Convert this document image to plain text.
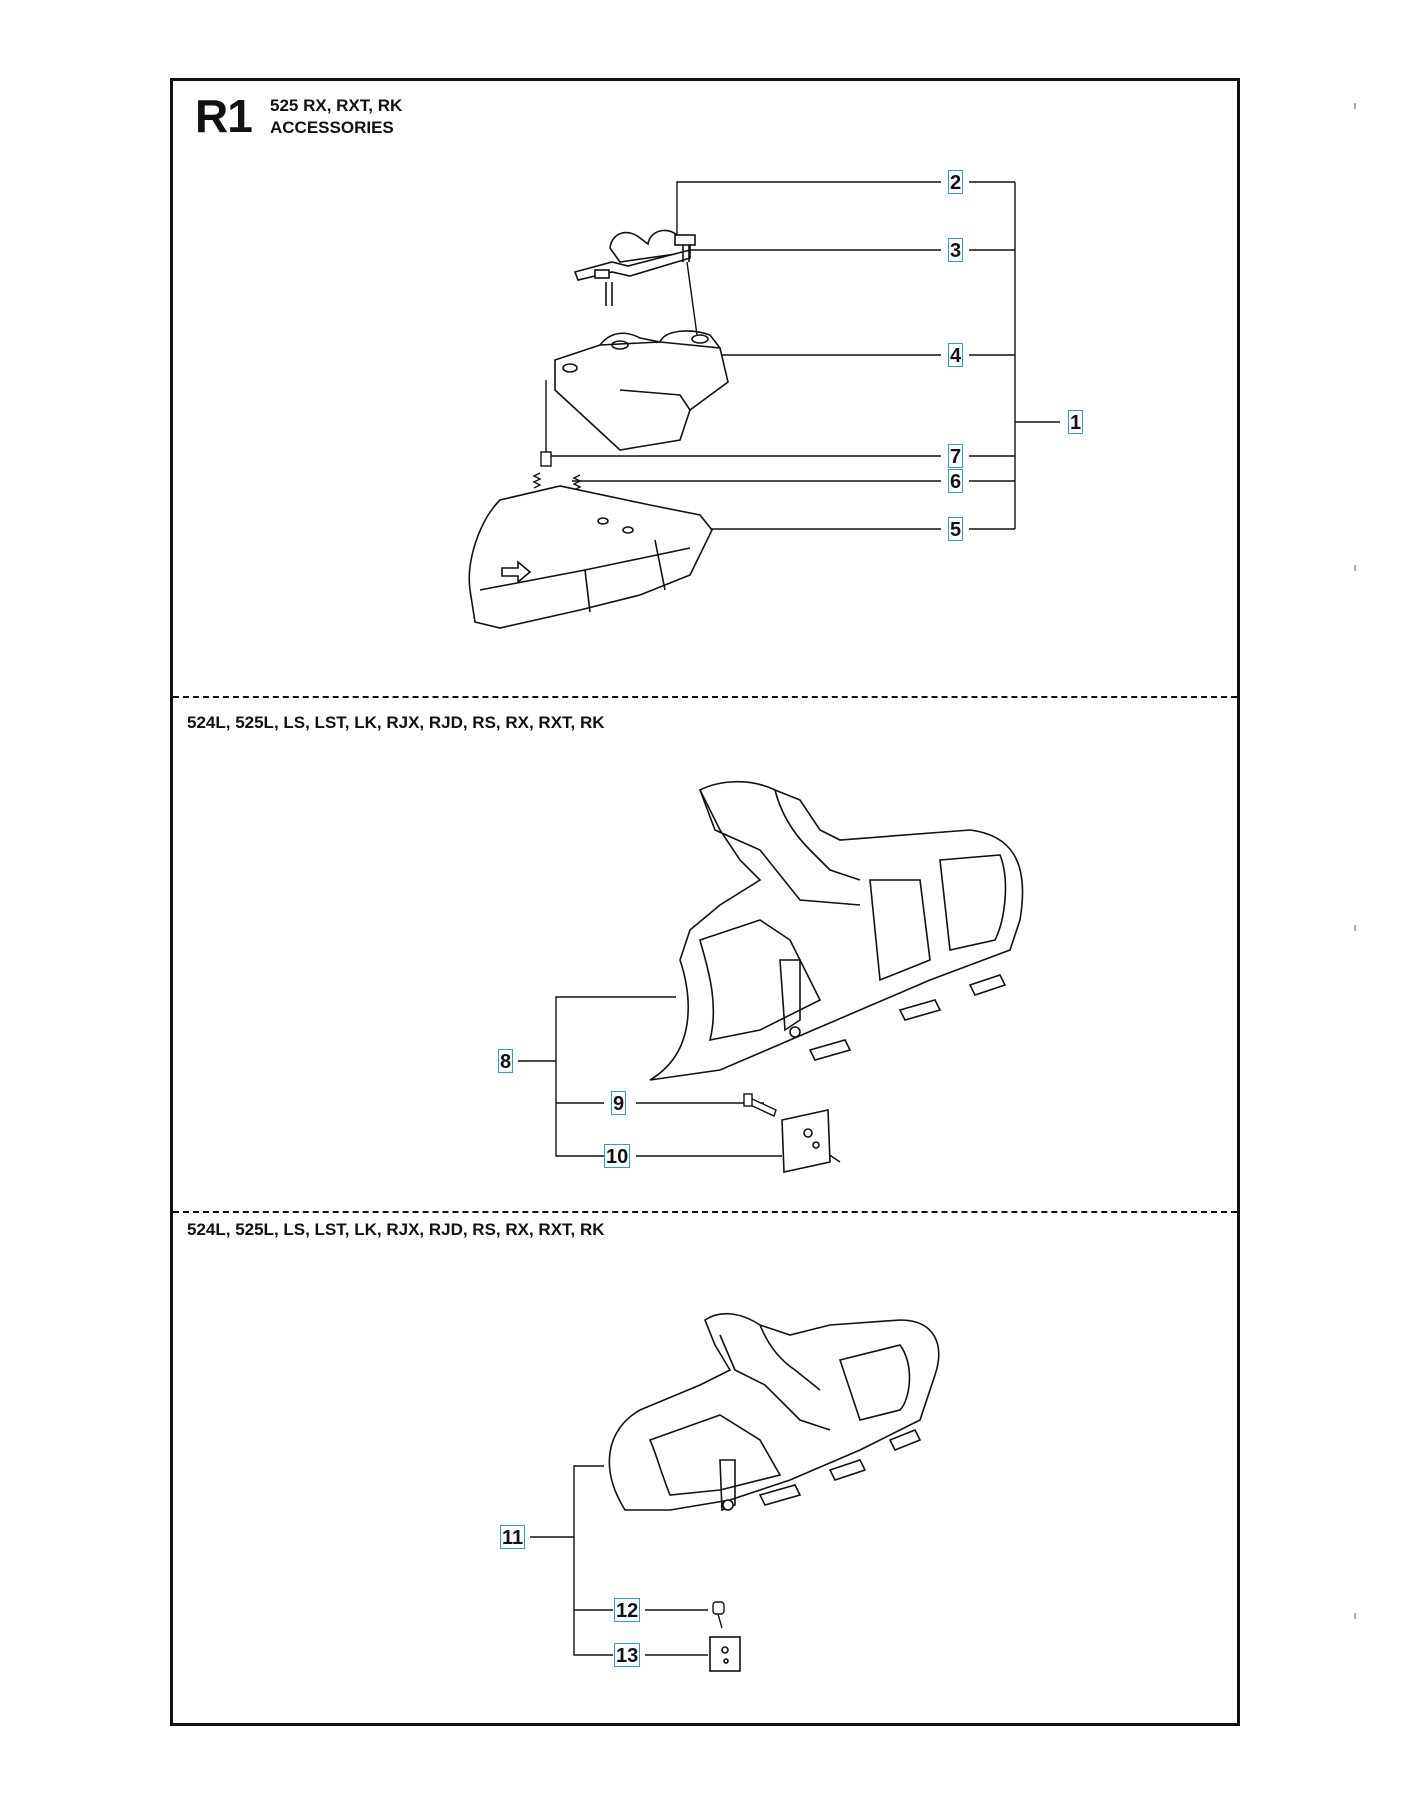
R1 525 RX, RXT, RK
ACCESSORIES
524L, 525L, LS, LST, LK, RJX, RJD, RS, RX, RXT, RK
524L, 525L, LS, LST, LK, RJX, RJD, RS, RX, RXT, RK
2
3
4
1
7
6
5
8
9
10
11
12
13
